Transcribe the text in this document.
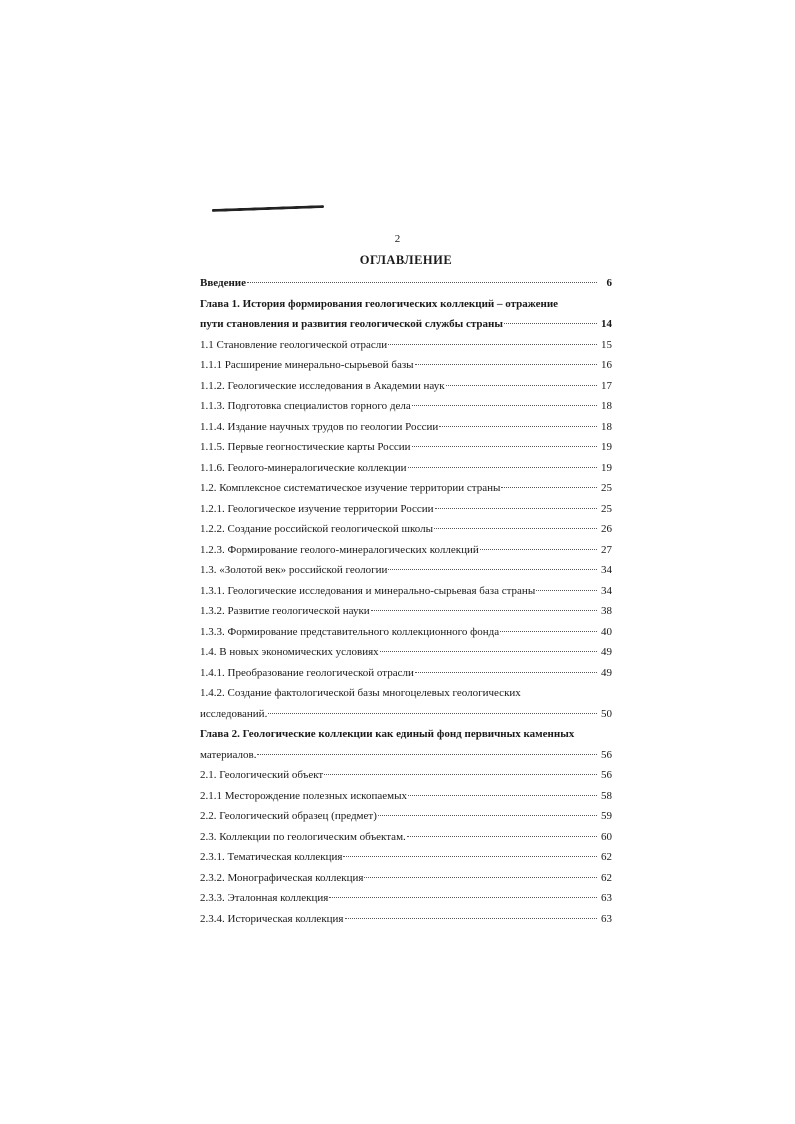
2
ОГЛАВЛЕНИЕ
Введение	6
Глава 1. История формирования геологических коллекций – отражение
пути становления и развития геологической службы страны	14
1.1 Становление геологической отрасли	15
1.1.1 Расширение минерально-сырьевой базы	16
1.1.2. Геологические исследования в Академии наук	17
1.1.3. Подготовка специалистов горного дела	18
1.1.4. Издание научных трудов по геологии России	18
1.1.5. Первые геогностические карты России	19
1.1.6. Геолого-минералогические коллекции	19
1.2. Комплексное систематическое изучение территории страны	25
1.2.1. Геологическое изучение территории России	25
1.2.2. Создание российской геологической школы	26
1.2.3. Формирование геолого-минералогических коллекций	27
1.3. «Золотой век» российской геологии	34
1.3.1. Геологические исследования и минерально-сырьевая база страны	34
1.3.2. Развитие геологической науки	38
1.3.3. Формирование представительного коллекционного фонда	40
1.4. В новых экономических условиях	49
1.4.1. Преобразование геологической отрасли	49
1.4.2. Создание фактологической базы многоцелевых геологических
исследований.	50
Глава 2. Геологические коллекции как единый фонд первичных каменных
материалов.	56
2.1. Геологический объект	56
2.1.1 Месторождение полезных ископаемых	58
2.2. Геологический образец (предмет)	59
2.3. Коллекции по геологическим объектам.	60
2.3.1. Тематическая коллекция	62
2.3.2. Монографическая коллекция	62
2.3.3. Эталонная коллекция	63
2.3.4. Историческая коллекция	63
